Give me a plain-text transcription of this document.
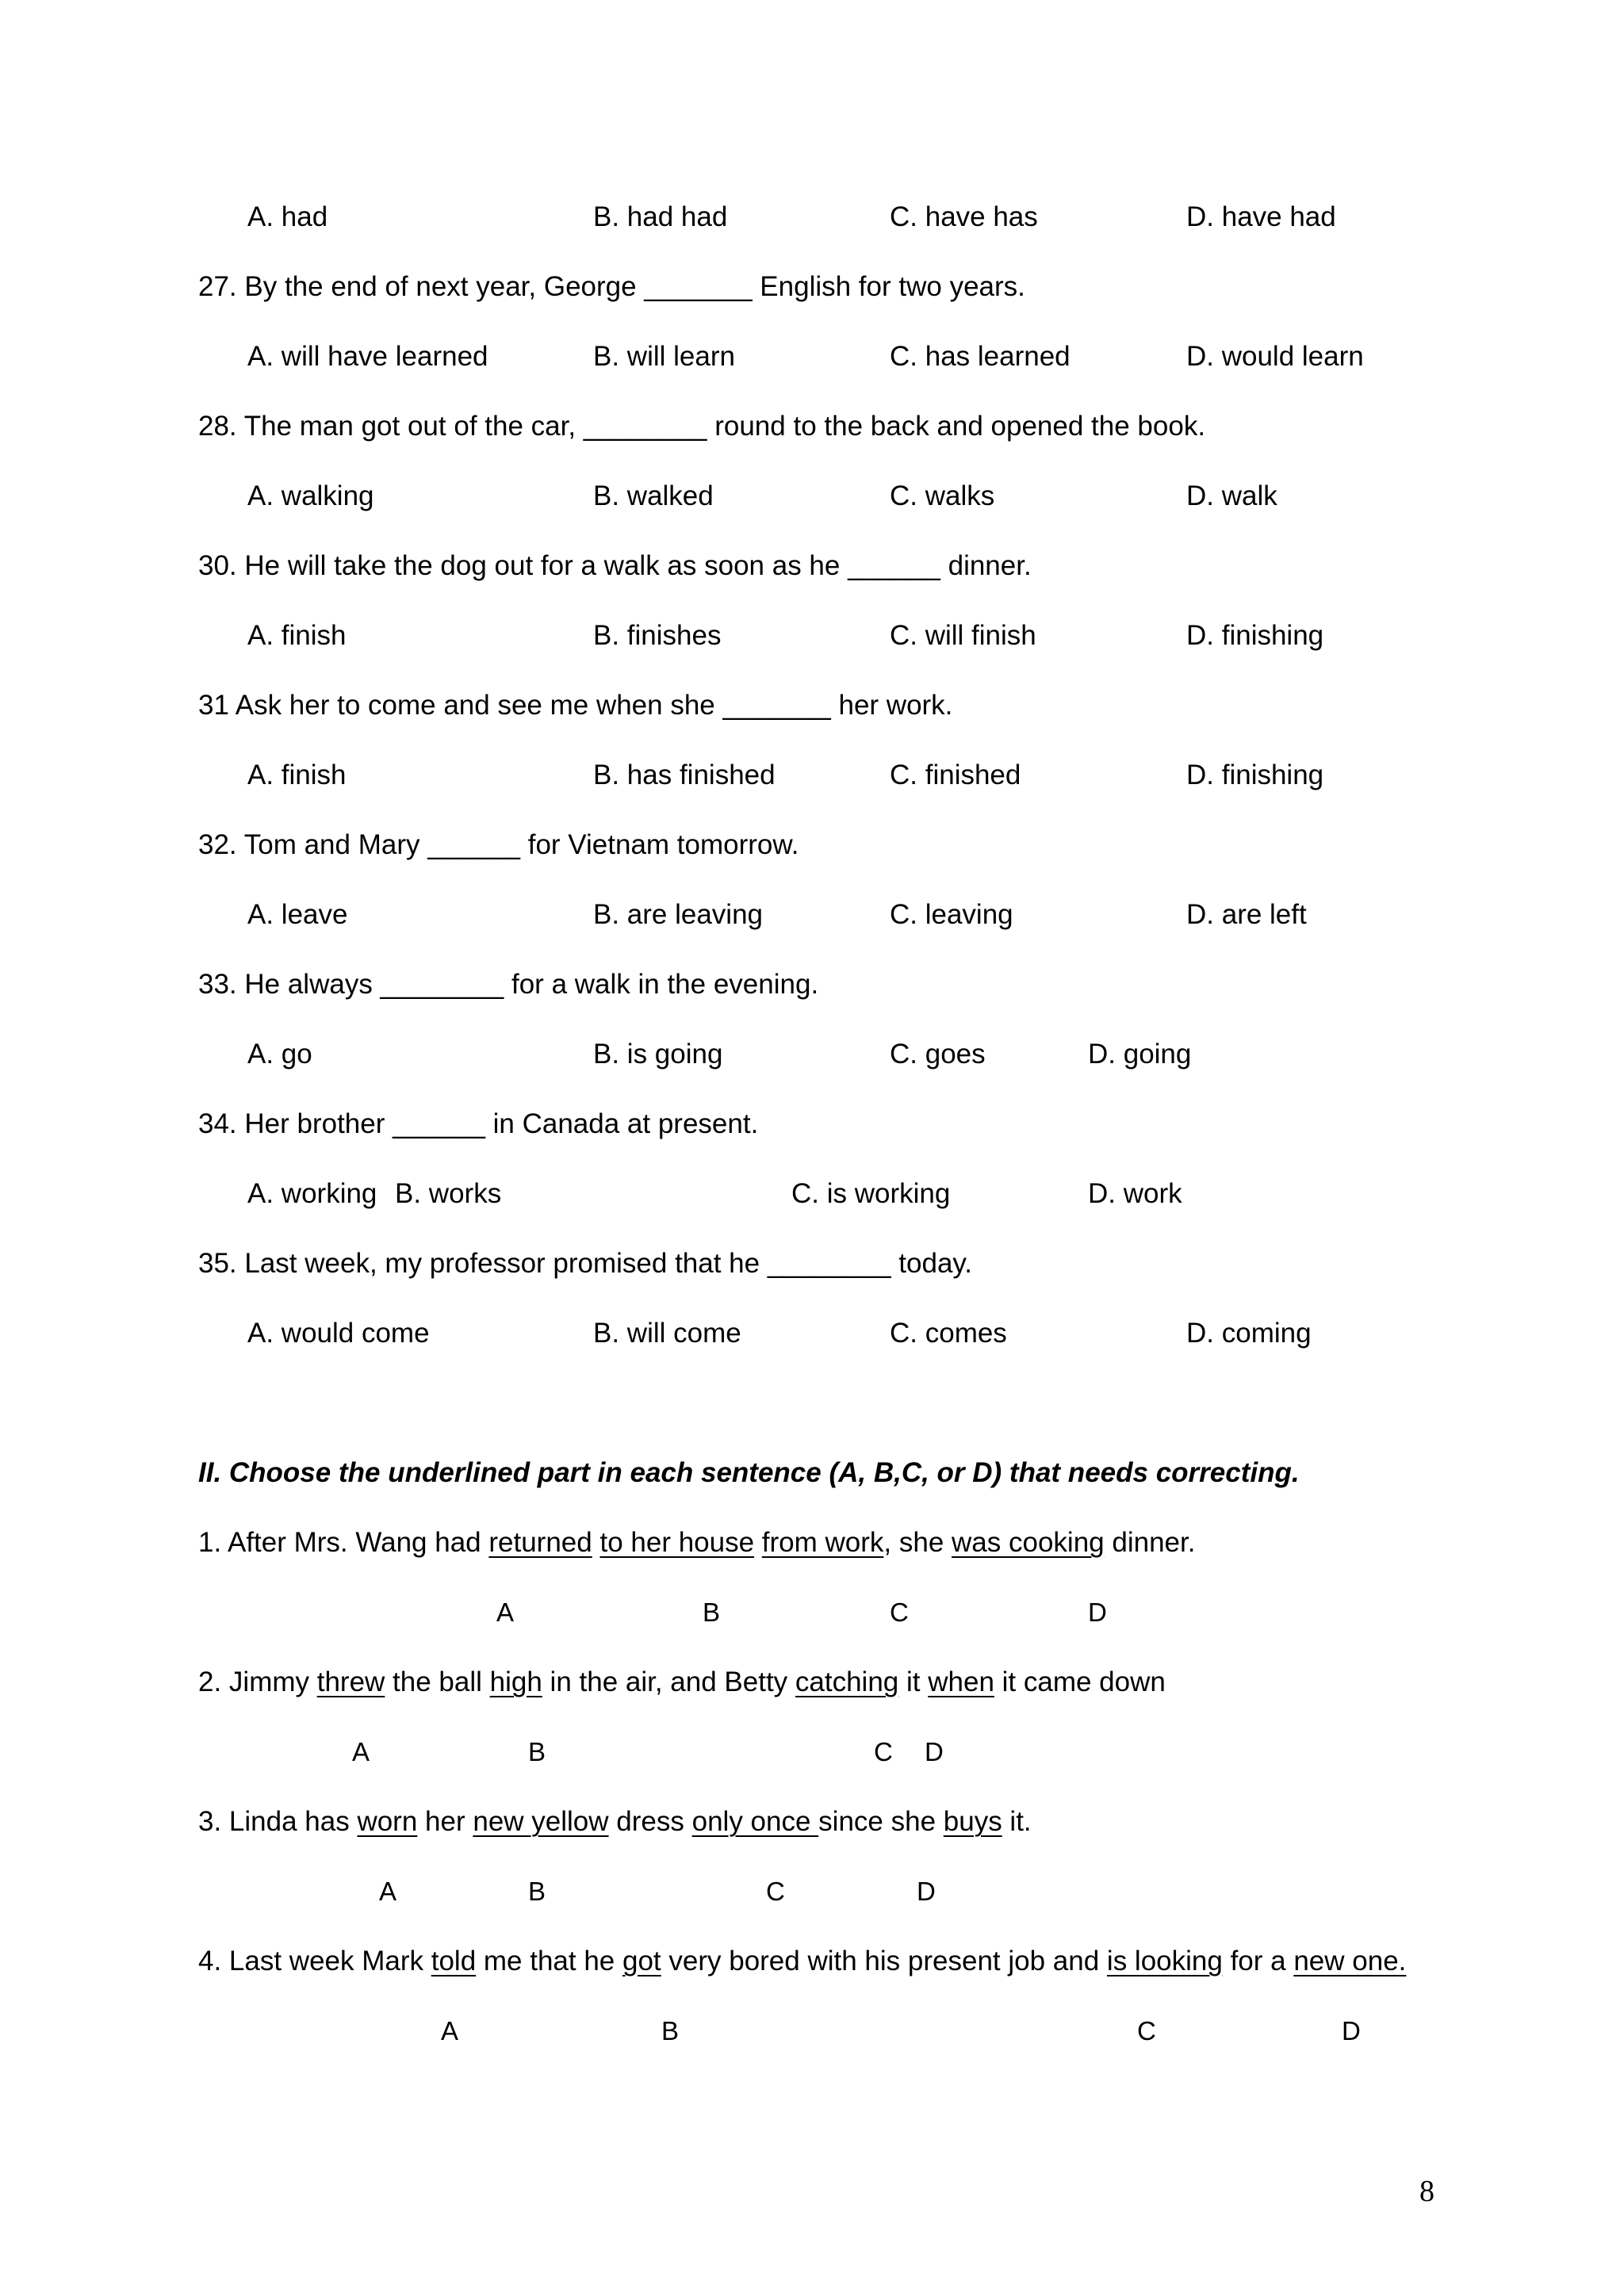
A. had	B. had had	C. have has	D. have had
27. By the end of next year, George _______ English for two years.
A. will have learned	B. will learn	C. has learned	D. would learn
28. The man got out of the car, ________ round to the back and opened the book.
A. walking	B. walked	C. walks	D. walk
30. He will take the dog out for a walk as soon as he ______ dinner.
A. finish	B. finishes	C. will finish	D. finishing
31 Ask her to come and see me when she _______ her work.
A. finish	B. has finished	C. finished	D. finishing
32. Tom and Mary ______ for Vietnam tomorrow.
A. leave	B. are leaving	C. leaving	D. are left
33. He always ________ for a walk in the evening.
A. go	B. is going	C. goes	D. going
34. Her brother ______ in Canada at present.
A. working B. works	C. is working	D. work
35. Last week, my professor promised that he ________ today.
A. would come	B. will come	C. comes	D. coming
II. Choose the underlined part in each sentence (A, B,C, or D) that needs correcting.
1. After Mrs. Wang had returned to her house from work, she was cooking dinner.
A	B	C	D
2. Jimmy threw the ball high in the air, and Betty catching it when it came down
A	B	C D
3. Linda has worn her new yellow dress only once since she buys it.
A	B	C	D
4. Last week Mark told me that he got very bored with his present job and is looking for a new one.
A	B	C	D
8
